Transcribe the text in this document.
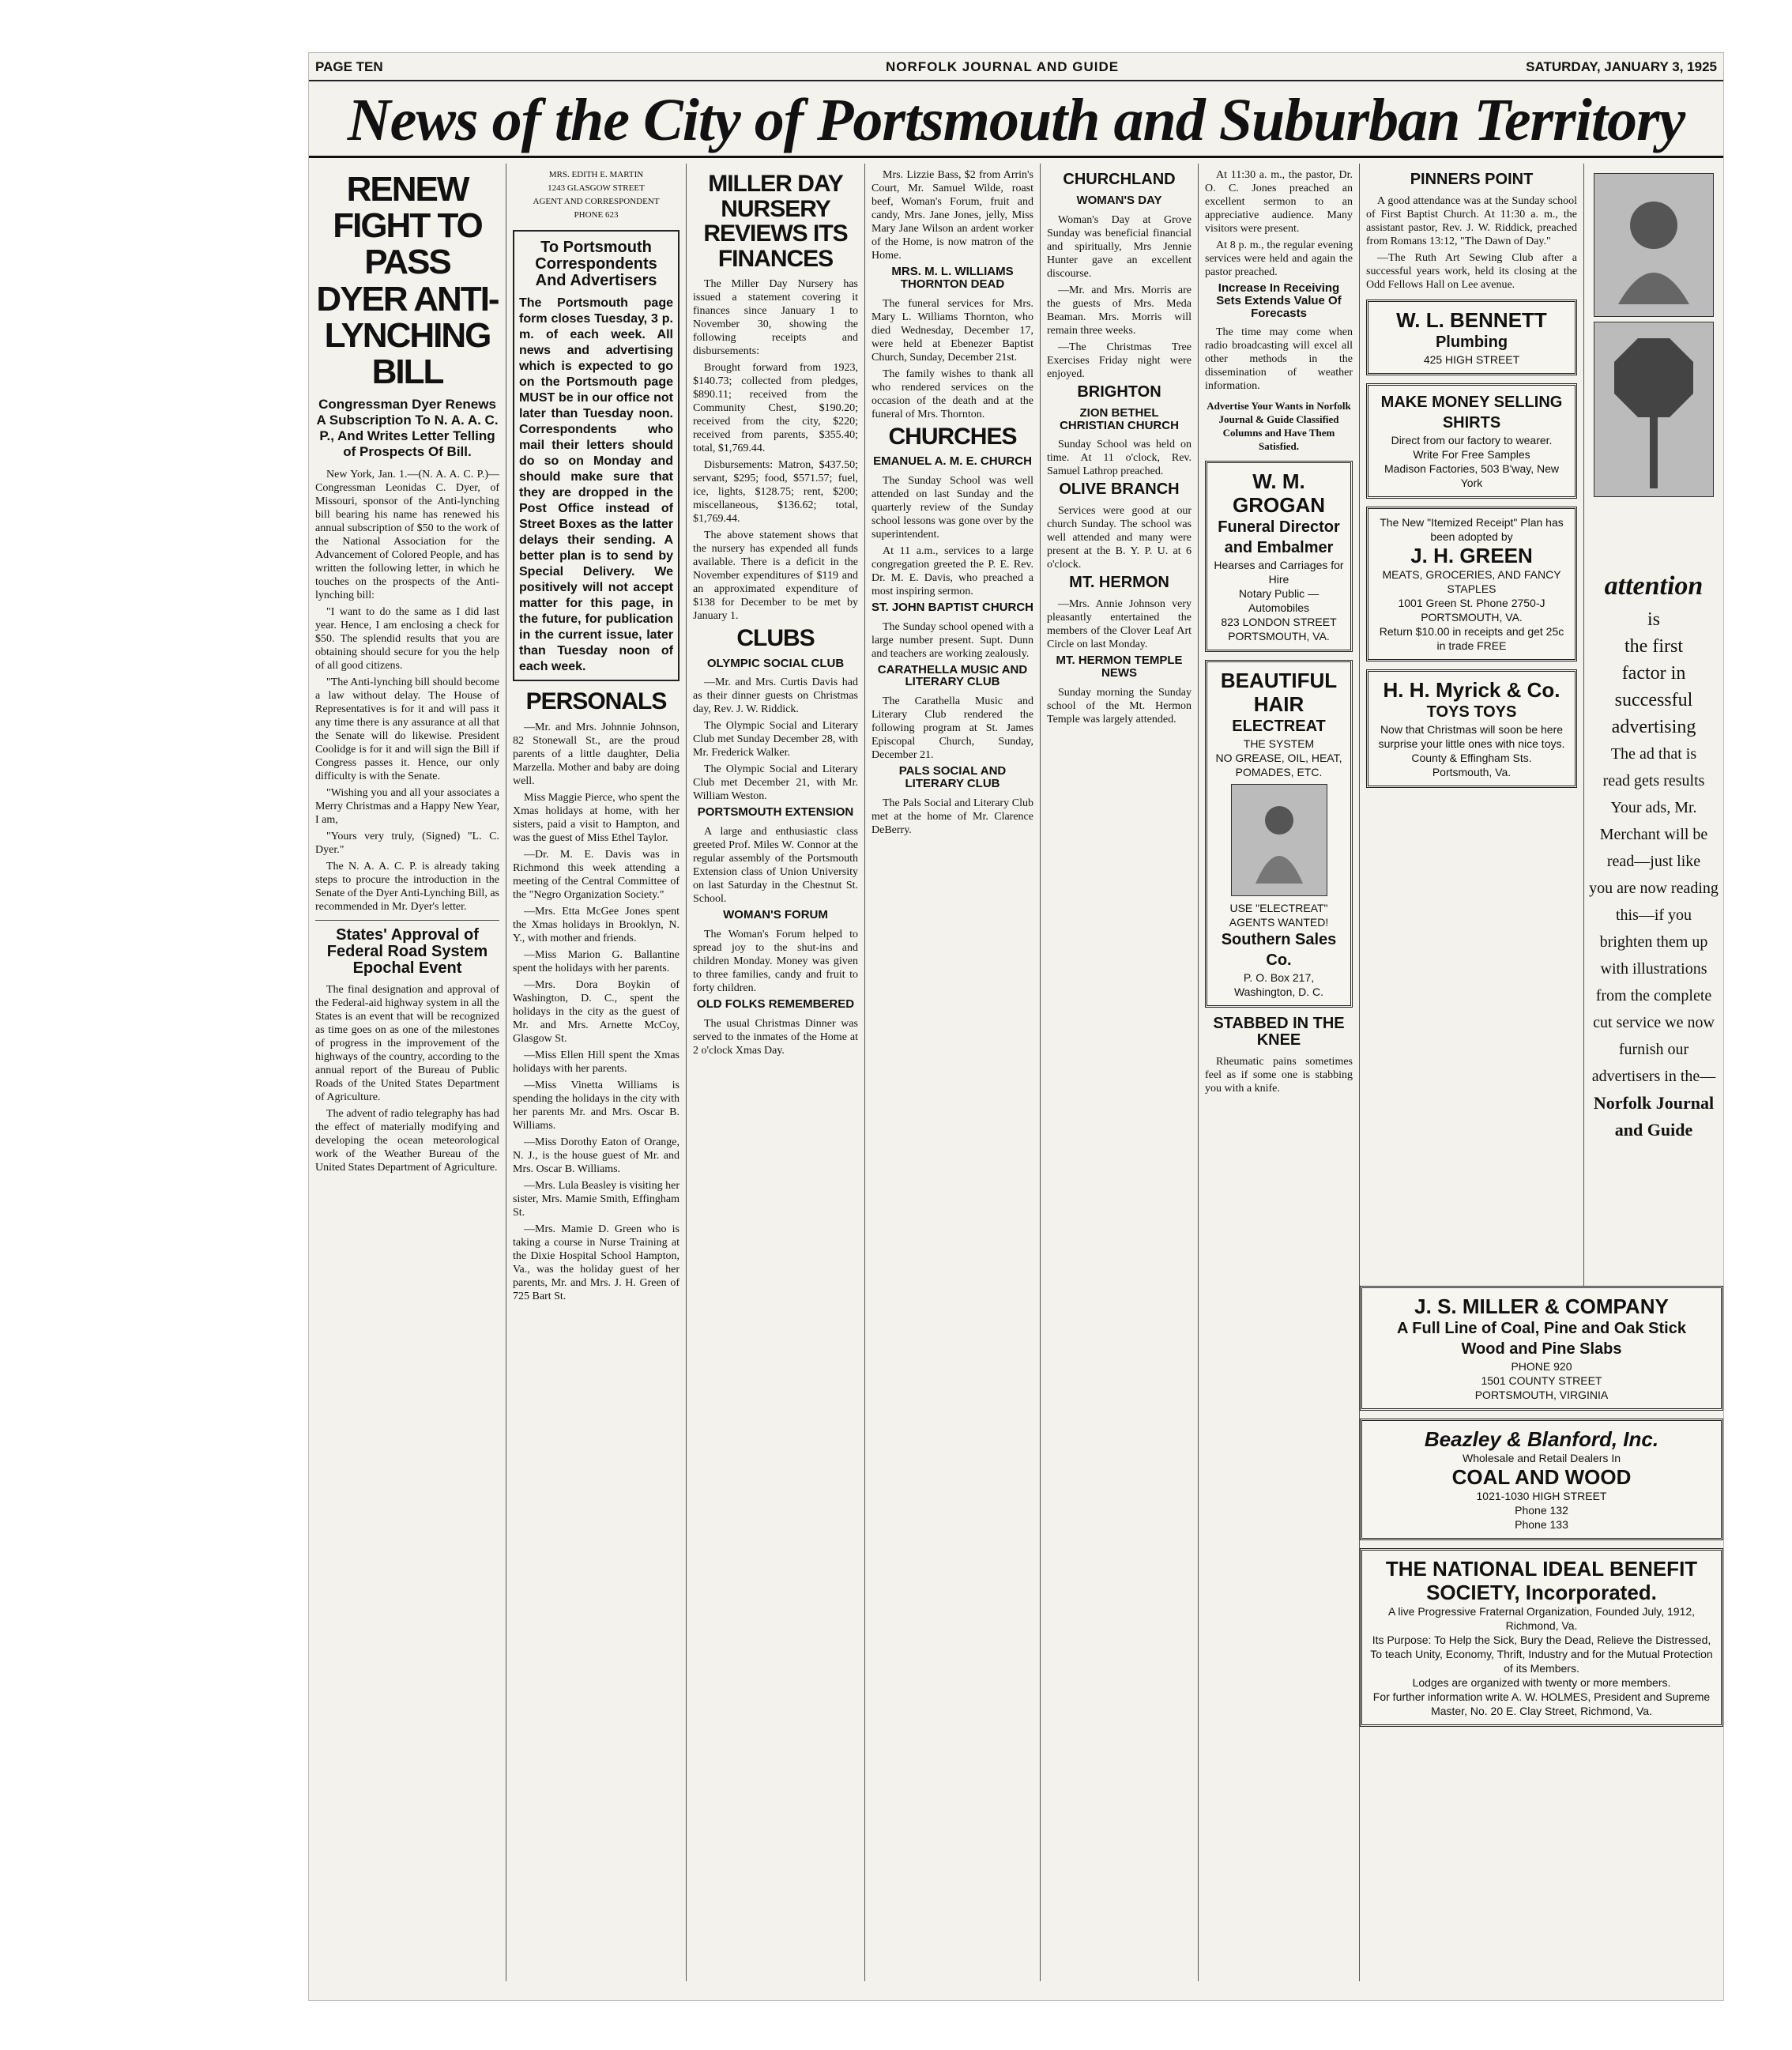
PAGE TEN	NORFOLK JOURNAL AND GUIDE	SATURDAY, JANUARY 3, 1925
News of the City of Portsmouth and Suburban Territory
RENEW FIGHT TO PASS DYER ANTI-LYNCHING BILL
Congressman Dyer Renews A Subscription To N. A. A. C. P., And Writes Letter Telling of Prospects Of Bill.

New York, Jan. 1.—(N. A. A. C. P.)—Congressman Leonidas C. Dyer, of Missouri, sponsor of the Anti-lynching bill bearing his name has renewed his annual subscription of $50 to the work of the National Association for the Advancement of Colored People, and has written the following letter, in which he touches on the prospects of the Anti-lynching bill:

"I want to do the same as I did last year. Hence, I am enclosing a check for $50. The splendid results that you are obtaining should secure for you the help of all good citizens.

"The Anti-lynching bill should become a law without delay. The House of Representatives is for it and will pass it any time there is any assurance at all that the Senate will do likewise. President Coolidge is for it and will sign the Bill if Congress passes it. Hence, our only difficulty is with the Senate.

"Wishing you and all your associates a Merry Christmas and a Happy New Year, I am,

"Yours very truly, (Signed) "L. C. Dyer."

The N. A. A. C. P. is already taking steps to procure the introduction in the Senate of the Dyer Anti-Lynching Bill, as recommended in Mr. Dyer's letter.

States' Approval of Federal Road System Epochal Event

The final designation and approval of the Federal-aid highway system in all the States is an event that will be recognized as time goes on as one of the milestones of progress in the improvement of the highways of the country, according to the annual report of the Bureau of Public Roads of the United States Department of Agriculture.

The advent of radio telegraphy has had the effect of materially modifying and developing the ocean meteorological work of the Weather Bureau of the United States Department of Agriculture.

MRS. EDITH E. MARTIN
1243 GLASGOW STREET
AGENT AND CORRESPONDENT
PHONE 623
To Portsmouth Correspondents And Advertisers
The Portsmouth page form closes Tuesday, 3 p. m. of each week. All news and advertising which is expected to go on the Portsmouth page MUST be in our office not later than Tuesday noon. Correspondents who mail their letters should do so on Monday and should make sure that they are dropped in the Post Office instead of Street Boxes as the latter delays their sending. A better plan is to send by Special Delivery. We positively will not accept matter for this page, in the future, for publication in the current issue, later than Tuesday noon of each week.
PERSONALS

—Mr. and Mrs. Johnnie Johnson, 82 Stonewall St., are the proud parents of a little daughter, Delia Marzella. Mother and baby are doing well.

Miss Maggie Pierce, who spent the Xmas holidays at home, with her sisters, paid a visit to Hampton, and was the guest of Miss Ethel Taylor.

—Dr. M. E. Davis was in Richmond this week attending a meeting of the Central Committee of the "Negro Organization Society."

—Mrs. Etta McGee Jones spent the Xmas holidays in Brooklyn, N. Y., with mother and friends.

—Miss Marion G. Ballantine spent the holidays with her parents.

—Mrs. Dora Boykin of Washington, D. C., spent the holidays in the city as the guest of Mr. and Mrs. Arnette McCoy, Glasgow St.

—Miss Ellen Hill spent the Xmas holidays with her parents.

—Miss Vinetta Williams is spending the holidays in the city with her parents Mr. and Mrs. Oscar B. Williams.

—Miss Dorothy Eaton of Orange, N. J., is the house guest of Mr. and Mrs. Oscar B. Williams.

—Mrs. Lula Beasley is visiting her sister, Mrs. Mamie Smith, Effingham St.

—Mrs. Mamie D. Green who is taking a course in Nurse Training at the Dixie Hospital School Hampton, Va., was the holiday guest of her parents, Mr. and Mrs. J. H. Green of 725 Bart St.

MILLER DAY NURSERY REVIEWS ITS FINANCES

The Miller Day Nursery has issued a statement covering it finances since January 1 to November 30, showing the following receipts and disbursements:

Brought forward from 1923, $140.73; collected from pledges, $890.11; received from the Community Chest, $190.20; received from the city, $220; received from parents, $355.40; total, $1,769.44.

Disbursements: Matron, $437.50; servant, $295; food, $571.57; fuel, ice, lights, $128.75; rent, $200; miscellaneous, $136.62; total, $1,769.44.

The above statement shows that the nursery has expended all funds available. There is a deficit in the November expenditures of $119 and an approximated expenditure of $138 for December to be met by January 1.

CLUBS
OLYMPIC SOCIAL CLUB

—Mr. and Mrs. Curtis Davis had as their dinner guests on Christmas day, Rev. J. W. Riddick.

The Olympic Social and Literary Club met Sunday December 28, with Mr. Frederick Walker.

The Olympic Social and Literary Club met December 21, with Mr. William Weston.

PORTSMOUTH EXTENSION

A large and enthusiastic class greeted Prof. Miles W. Connor at the regular assembly of the Portsmouth Extension class of Union University on last Saturday in the Chestnut St. School.

WOMAN'S FORUM

The Woman's Forum helped to spread joy to the shut-ins and children Monday. Money was given to three families, candy and fruit to forty children.

OLD FOLKS REMEMBERED

The usual Christmas Dinner was served to the inmates of the Home at 2 o'clock Xmas Day.

Mrs. Lizzie Bass, $2 from Arrin's Court, Mr. Samuel Wilde, roast beef, Woman's Forum, fruit and candy, Mrs. Jane Jones, jelly, Miss Mary Jane Wilson an ardent worker of the Home, is now matron of the Home.

MRS. M. L. WILLIAMS THORNTON DEAD

The funeral services for Mrs. Mary L. Williams Thornton, who died Wednesday, December 17, were held at Ebenezer Baptist Church, Sunday, December 21st.

The family wishes to thank all who rendered services on the occasion of the death and at the funeral of Mrs. Thornton.

CHURCHES
EMANUEL A. M. E. CHURCH

The Sunday School was well attended on last Sunday and the quarterly review of the Sunday school lessons was gone over by the superintendent.

At 11 a.m., services to a large congregation greeted the P. E. Rev. Dr. M. E. Davis, who preached a most inspiring sermon.

ST. JOHN BAPTIST CHURCH

The Sunday school opened with a large number present. Supt. Dunn and teachers are working zealously.

CARATHELLA MUSIC AND LITERARY CLUB

The Carathella Music and Literary Club rendered the following program at St. James Episcopal Church, Sunday, December 21.

PALS SOCIAL AND LITERARY CLUB

The Pals Social and Literary Club met at the home of Mr. Clarence DeBerry.

CHURCHLAND
WOMAN'S DAY

Woman's Day at Grove Sunday was beneficial financial and spiritually, Mrs Jennie Hunter gave an excellent discourse.

—Mr. and Mrs. Morris are the guests of Mrs. Meda Beaman. Mrs. Morris will remain three weeks.

—The Christmas Tree Exercises Friday night were enjoyed.

BRIGHTON
ZION BETHEL CHRISTIAN CHURCH

Sunday School was held on time. At 11 o'clock, Rev. Samuel Lathrop preached.

OLIVE BRANCH

Services were good at our church Sunday. The school was well attended and many were present at the B. Y. P. U. at 6 o'clock.

MT. HERMON

—Mrs. Annie Johnson very pleasantly entertained the members of the Clover Leaf Art Circle on last Monday.

MT. HERMON TEMPLE NEWS

Sunday morning the Sunday school of the Mt. Hermon Temple was largely attended.

At 11:30 a. m., the pastor, Dr. O. C. Jones preached an excellent sermon to an appreciative audience. Many visitors were present.

At 8 p. m., the regular evening services were held and again the pastor preached.

Increase In Receiving Sets Extends Value Of Forecasts

The time may come when radio broadcasting will excel all other methods in the dissemination of weather information.

Advertise Your Wants in Norfolk Journal & Guide Classified Columns and Have Them Satisfied.
W. M. GROGAN
Funeral Director and Embalmer
Hearses and Carriages for Hire
Notary Public — Automobiles
823 LONDON STREET
PORTSMOUTH, VA.
BEAUTIFUL HAIR
ELECTREAT
THE SYSTEM
NO GREASE, OIL, HEAT, POMADES, ETC.
USE "ELECTREAT"
AGENTS WANTED!
Southern Sales Co.
P. O. Box 217, Washington, D. C.
STABBED IN THE KNEE

Rheumatic pains sometimes feel as if some one is stabbing you with a knife.

PINNERS POINT

A good attendance was at the Sunday school of First Baptist Church. At 11:30 a. m., the assistant pastor, Rev. J. W. Riddick, preached from Romans 13:12, "The Dawn of Day."

—The Ruth Art Sewing Club after a successful years work, held its closing at the Odd Fellows Hall on Lee avenue.

W. L. BENNETT
Plumbing
425 HIGH STREET
MAKE MONEY SELLING SHIRTS
Direct from our factory to wearer.
Write For Free Samples
Madison Factories, 503 B'way, New York
The New "Itemized Receipt" Plan has been adopted by
J. H. GREEN
MEATS, GROCERIES, AND FANCY STAPLES
1001 Green St. Phone 2750-J
PORTSMOUTH, VA.
Return $10.00 in receipts and get 25c in trade FREE
H. H. Myrick & Co.
TOYS TOYS
Now that Christmas will soon be here surprise your little ones with nice toys.
County & Effingham Sts.
Portsmouth, Va.
attention
is
the first
factor in
successful
advertising
The ad that is
read gets results
Your ads, Mr.
Merchant will be
read—just like
you are now reading
this—if you
brighten them up
with illustrations
from the complete
cut service we now
furnish our advertisers in the—
Norfolk Journal
and Guide
J. S. MILLER & COMPANY
A Full Line of Coal, Pine and Oak Stick
Wood and Pine Slabs
PHONE 920
1501 COUNTY STREET
PORTSMOUTH, VIRGINIA
Beazley & Blanford, Inc.
Wholesale and Retail Dealers In
COAL AND WOOD
1021-1030 HIGH STREET
Phone 132
Phone 133
THE NATIONAL IDEAL BENEFIT SOCIETY, Incorporated.
A live Progressive Fraternal Organization, Founded July, 1912, Richmond, Va.
Its Purpose: To Help the Sick, Bury the Dead, Relieve the Distressed,
To teach Unity, Economy, Thrift, Industry and for the Mutual Protection of its Members.
Lodges are organized with twenty or more members.
For further information write A. W. HOLMES, President and Supreme Master, No. 20 E. Clay Street, Richmond, Va.
